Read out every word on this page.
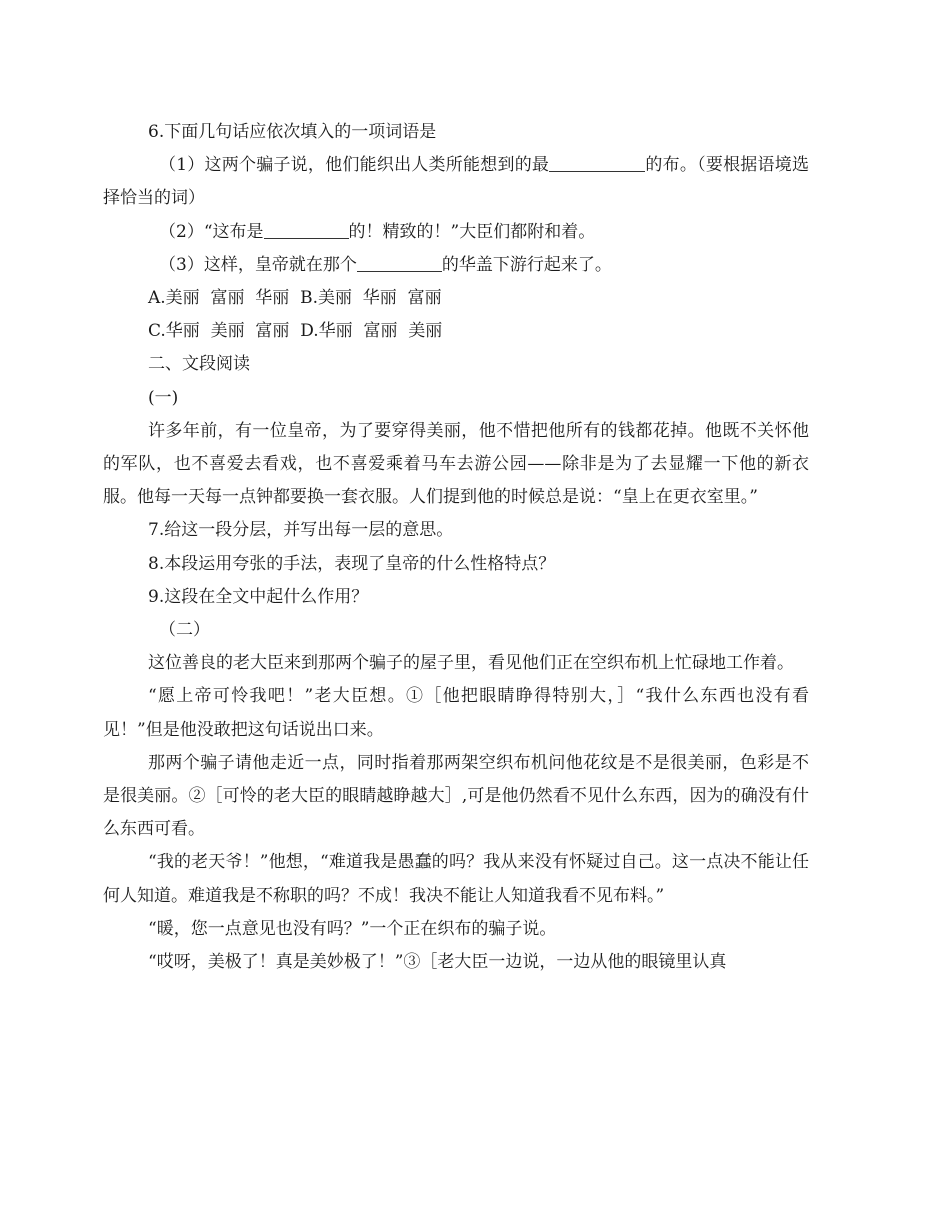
6.下面几句话应依次填入的一项词语是

（1）这两个骗子说，他们能织出人类所能想到的最	的布。（要根据语境选择恰当的词）

（2）“这布是	的！精致的！”大臣们都附和着。

（3）这样，皇帝就在那个	的华盖下游行起来了。

A.美丽  富丽  华丽  B.美丽  华丽  富丽

C.华丽  美丽  富丽  D.华丽  富丽  美丽

二、文段阅读

(一)

许多年前，有一位皇帝，为了要穿得美丽，他不惜把他所有的钱都花掉。他既不关怀他的军队，也不喜爱去看戏，也不喜爱乘着马车去游公园——除非是为了去显耀一下他的新衣服。他每一天每一点钟都要换一套衣服。人们提到他的时候总是说：“皇上在更衣室里。”

7.给这一段分层，并写出每一层的意思。

8.本段运用夸张的手法，表现了皇帝的什么性格特点？

9.这段在全文中起什么作用？

（二）

这位善良的老大臣来到那两个骗子的屋子里，看见他们正在空织布机上忙碌地工作着。

“愿上帝可怜我吧！”老大臣想。①［他把眼睛睁得特别大，］“我什么东西也没有看见！”但是他没敢把这句话说出口来。

那两个骗子请他走近一点，同时指着那两架空织布机问他花纹是不是很美丽，色彩是不是很美丽。②［可怜的老大臣的眼睛越睁越大］,可是他仍然看不见什么东西，因为的确没有什么东西可看。

“我的老天爷！”他想，“难道我是愚蠢的吗？我从来没有怀疑过自己。这一点决不能让任何人知道。难道我是不称职的吗？不成！我决不能让人知道我看不见布料。”

“暖，您一点意见也没有吗？”一个正在织布的骗子说。

“哎呀，美极了！真是美妙极了！”③［老大臣一边说，一边从他的眼镜里认真
